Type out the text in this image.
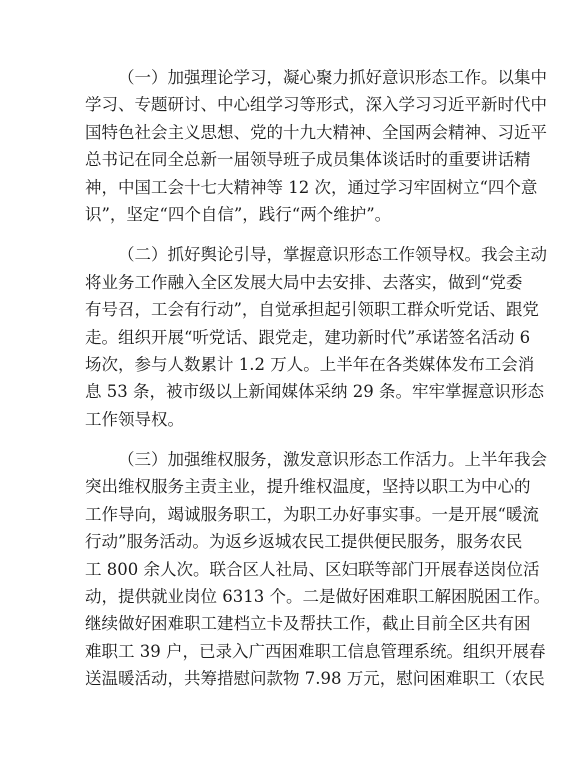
（一）加强理论学习，凝心聚力抓好意识形态工作。以集中
学习、专题研讨、中心组学习等形式，深入学习习近平新时代中
国特色社会主义思想、党的十九大精神、全国两会精神、习近平
总书记在同全总新一届领导班子成员集体谈话时的重要讲话精
神，中国工会十七大精神等 12 次，通过学习牢固树立“四个意
识”，坚定“四个自信”，践行“两个维护”。
（二）抓好舆论引导，掌握意识形态工作领导权。我会主动
将业务工作融入全区发展大局中去安排、去落实，做到“党委
有号召，工会有行动”，自觉承担起引领职工群众听党话、跟党
走。组织开展“听党话、跟党走，建功新时代”承诺签名活动 6
场次，参与人数累计 1.2 万人。上半年在各类媒体发布工会消
息 53 条，被市级以上新闻媒体采纳 29 条。牢牢掌握意识形态
工作领导权。
（三）加强维权服务，激发意识形态工作活力。上半年我会
突出维权服务主责主业，提升维权温度，坚持以职工为中心的
工作导向，竭诚服务职工，为职工办好事实事。一是开展“暖流
行动”服务活动。为返乡返城农民工提供便民服务，服务农民
工 800 余人次。联合区人社局、区妇联等部门开展春送岗位活
动，提供就业岗位 6313 个。二是做好困难职工解困脱困工作。
继续做好困难职工建档立卡及帮扶工作，截止目前全区共有困
难职工 39 户，已录入广西困难职工信息管理系统。组织开展春
送温暖活动，共筹措慰问款物 7.98 万元，慰问困难职工（农民
